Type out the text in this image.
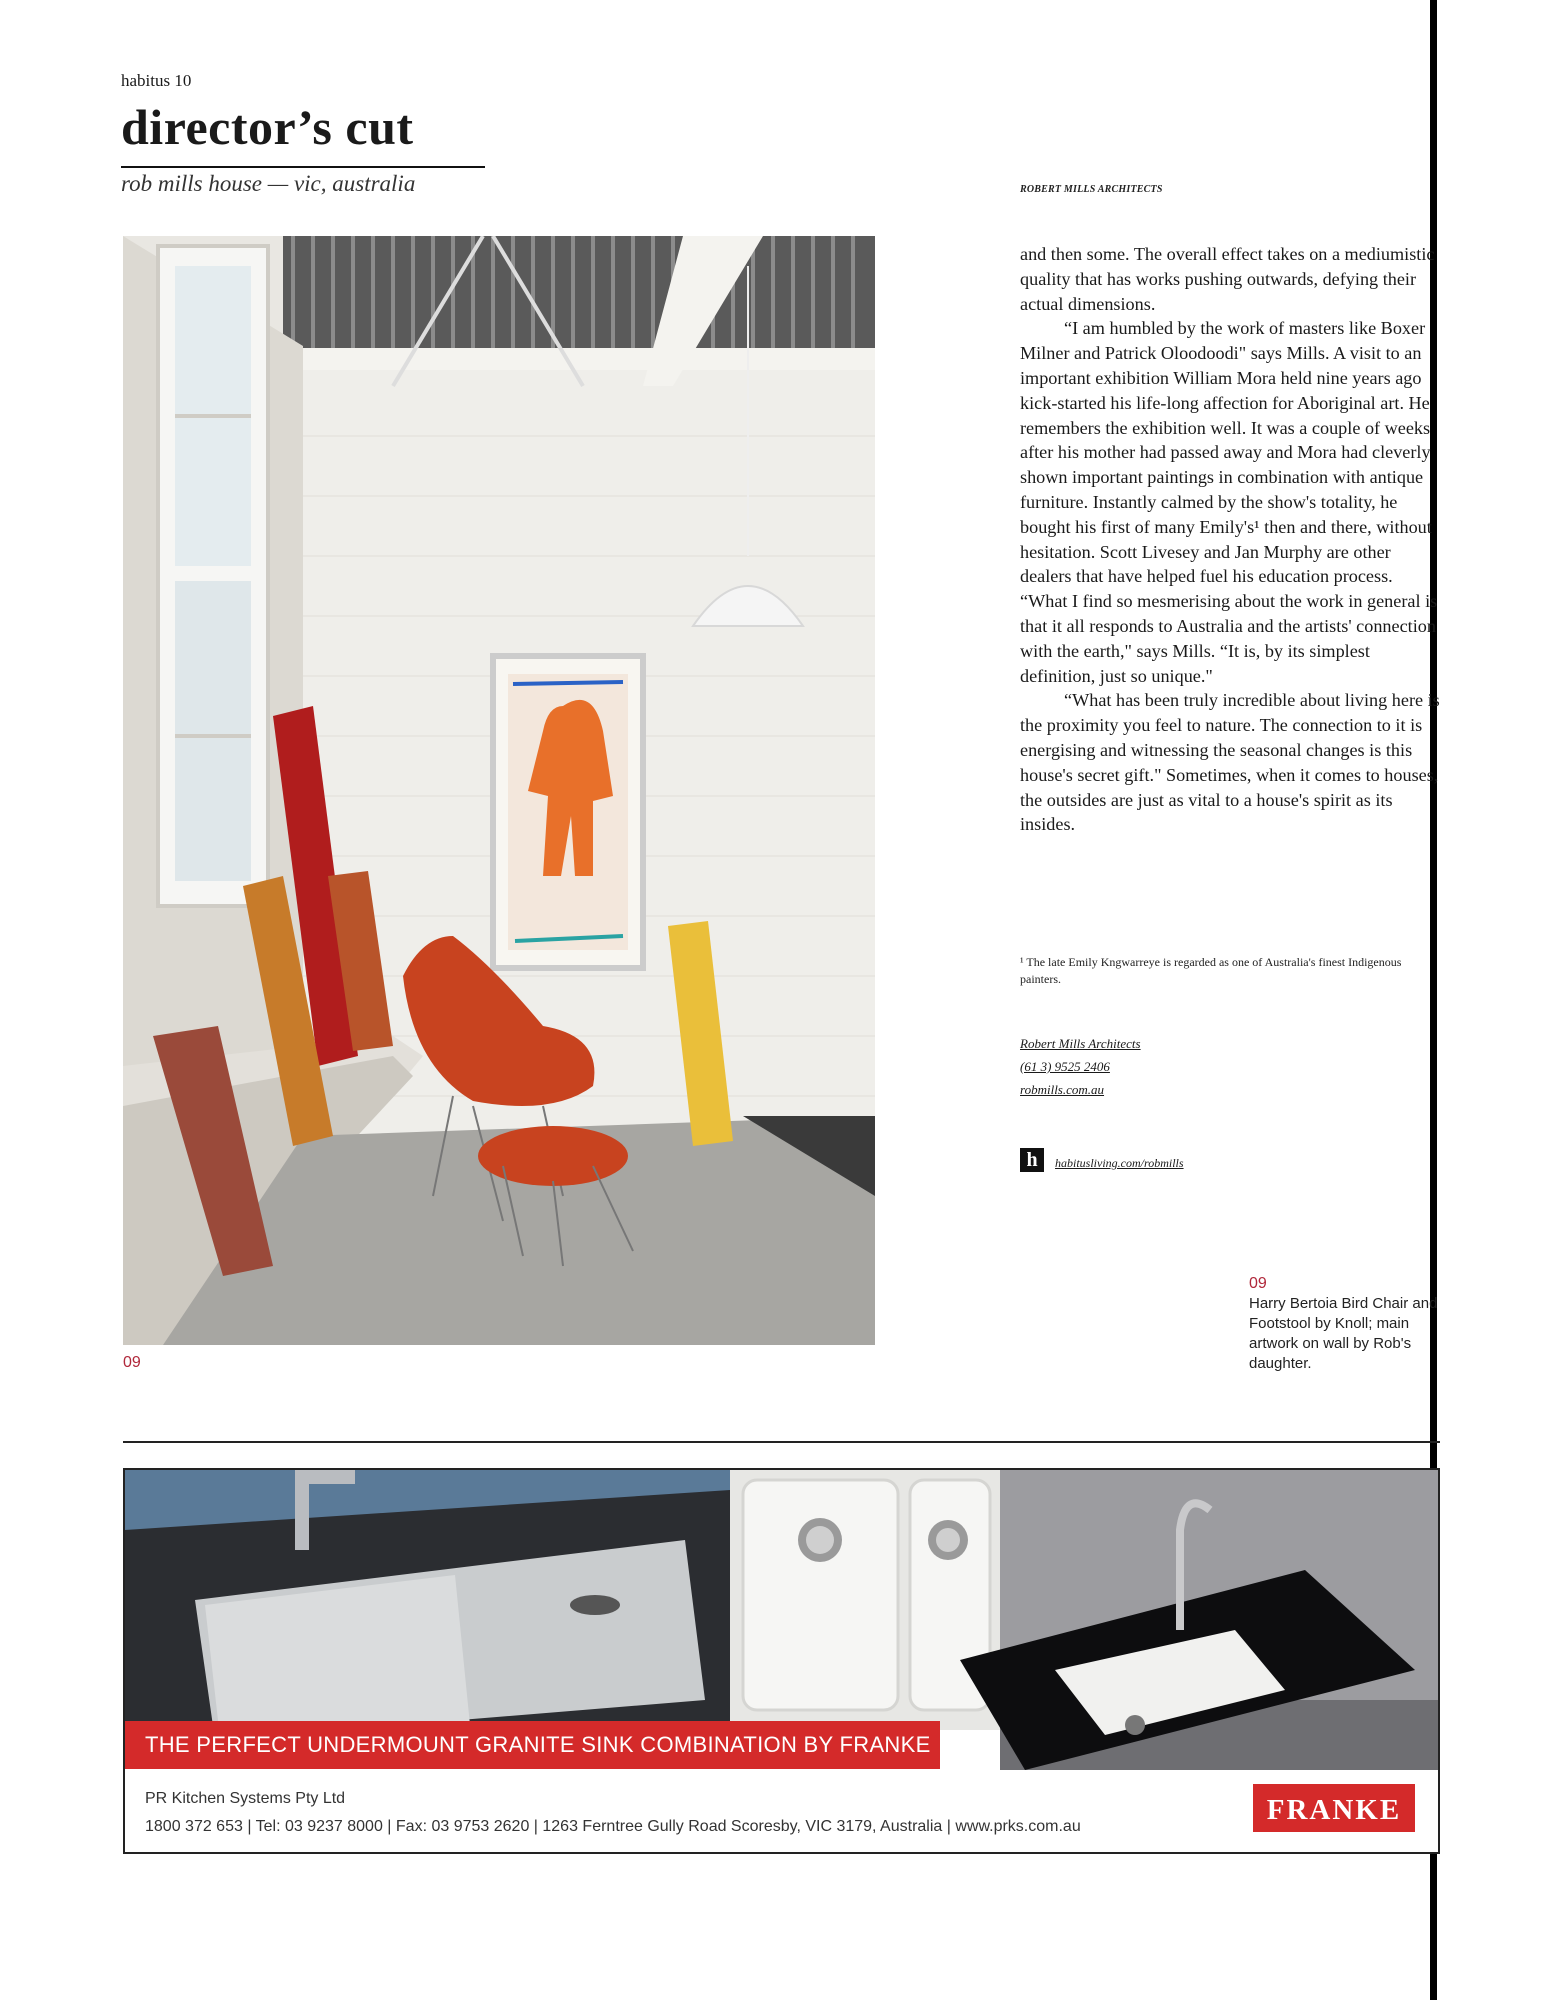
habitus 10
director’s cut
rob mills house — vic, australia	ROBERT MILLS ARCHITECTS
09

and then some. The overall effect takes on a mediumistic quality that has works pushing outwards, defying their actual dimensions.

“I am humbled by the work of masters like Boxer Milner and Patrick Oloodoodi" says Mills. A visit to an important exhibition William Mora held nine years ago kick-started his life-long affection for Aboriginal art. He remembers the exhibition well. It was a couple of weeks after his mother had passed away and Mora had cleverly shown important paintings in combination with antique furniture. Instantly calmed by the show's totality, he bought his first of many Emily's¹ then and there, without hesitation. Scott Livesey and Jan Murphy are other dealers that have helped fuel his education process. “What I find so mesmerising about the work in general is that it all responds to Australia and the artists' connection with the earth," says Mills. “It is, by its simplest definition, just so unique."

“What has been truly incredible about living here is the proximity you feel to nature. The connection to it is energising and witnessing the seasonal changes is this house's secret gift." Sometimes, when it comes to houses, the outsides are just as vital to a house's spirit as its insides.

¹ The late Emily Kngwarreye is regarded as one of Australia's finest Indigenous painters.
Robert Mills Architects
(61 3) 9525 2406
robmills.com.au
h	habitusliving.com/robmills
09
Harry Bertoia Bird Chair and Footstool by Knoll; main artwork on wall by Rob's daughter.
THE PERFECT UNDERMOUNT GRANITE SINK COMBINATION BY FRANKE
PR Kitchen Systems Pty Ltd
1800 372 653 | Tel: 03 9237 8000 | Fax: 03 9753 2620 | 1263 Ferntree Gully Road Scoresby, VIC 3179, Australia | www.prks.com.au
FRANKE
